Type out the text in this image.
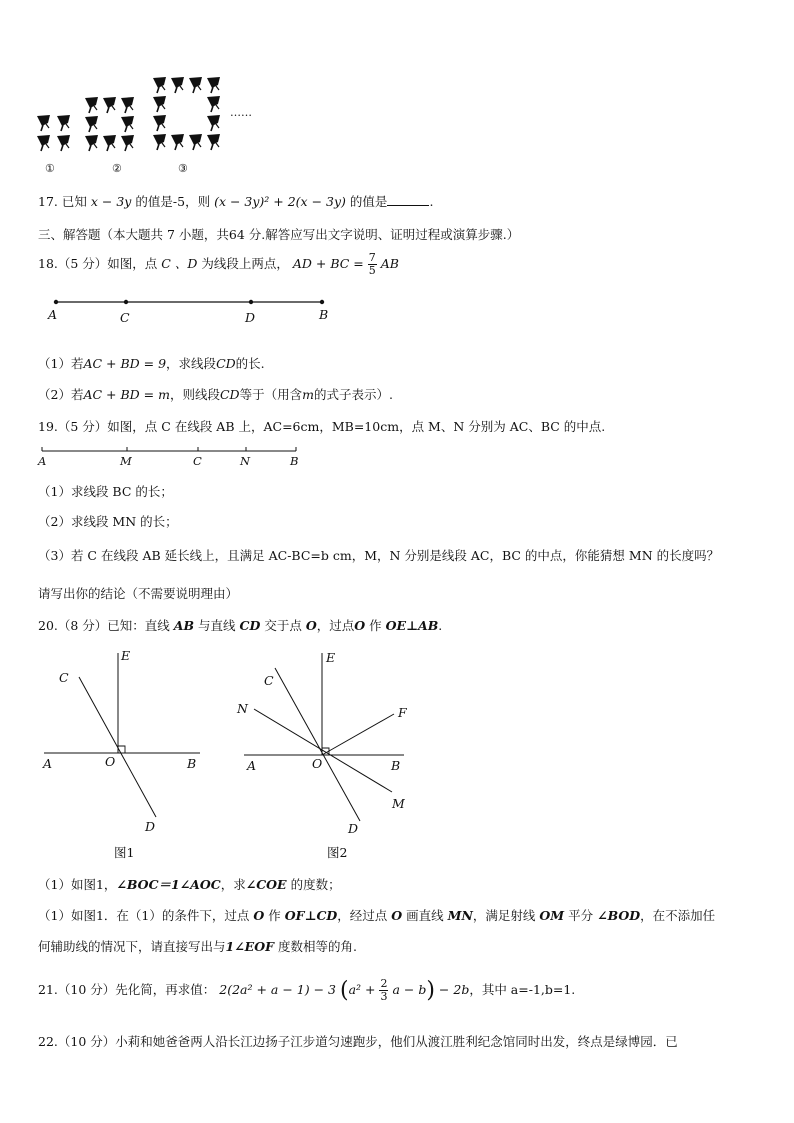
①	②	③
……
17. 已知 x − 3y 的值是-5，则 (x − 3y)² + 2(x − 3y) 的值是	.
三、解答题（本大题共 7 小题，共64 分.解答应写出文字说明、证明过程或演算步骤.）
18.（5 分）如图，点 C 、D 为线段上两点， AD + BC = $\frac{7}{5}$ AB
A	C	D	B
（1）若AC + BD = 9，求线段CD的长.
（2）若AC + BD = m，则线段CD等于（用含m的式子表示）.
19.（5 分）如图，点 C 在线段 AB 上，AC=6cm，MB=10cm，点 M、N 分别为 AC、BC 的中点.
A	M	C	N	B
（1）求线段 BC 的长；
（2）求线段 MN 的长；
（3）若 C 在线段 AB 延长线上，且满足 AC-BC=b cm，M，N 分别是线段 AC，BC 的中点，你能猜想 MN 的长度吗？
请写出你的结论（不需要说明理由）
20.（8 分）已知：直线 AB 与直线 CD 交于点 O，过点O 作 OE⊥AB.
E
C
A	O	B
D
图1
E
C
N	F
A	O	B
M
D
图2
（1）如图1，∠BOC＝1∠AOC，求∠COE 的度数；
（1）如图1．在（1）的条件下，过点 O 作 OF⊥CD，经过点 O 画直线 MN，满足射线 OM 平分 ∠BOD，在不添加任
何辅助线的情况下，请直接写出与1∠EOF 度数相等的角.
21.（10 分）先化简，再求值： 2(2a² + a − 1) − 3 ($a^2 + \frac{2}{3}$ a − b) − 2b，其中 a=-1,b=1.
22.（10 分）小莉和她爸爸两人沿长江边扬子江步道匀速跑步，他们从渡江胜利纪念馆同时出发，终点是绿博园．已
